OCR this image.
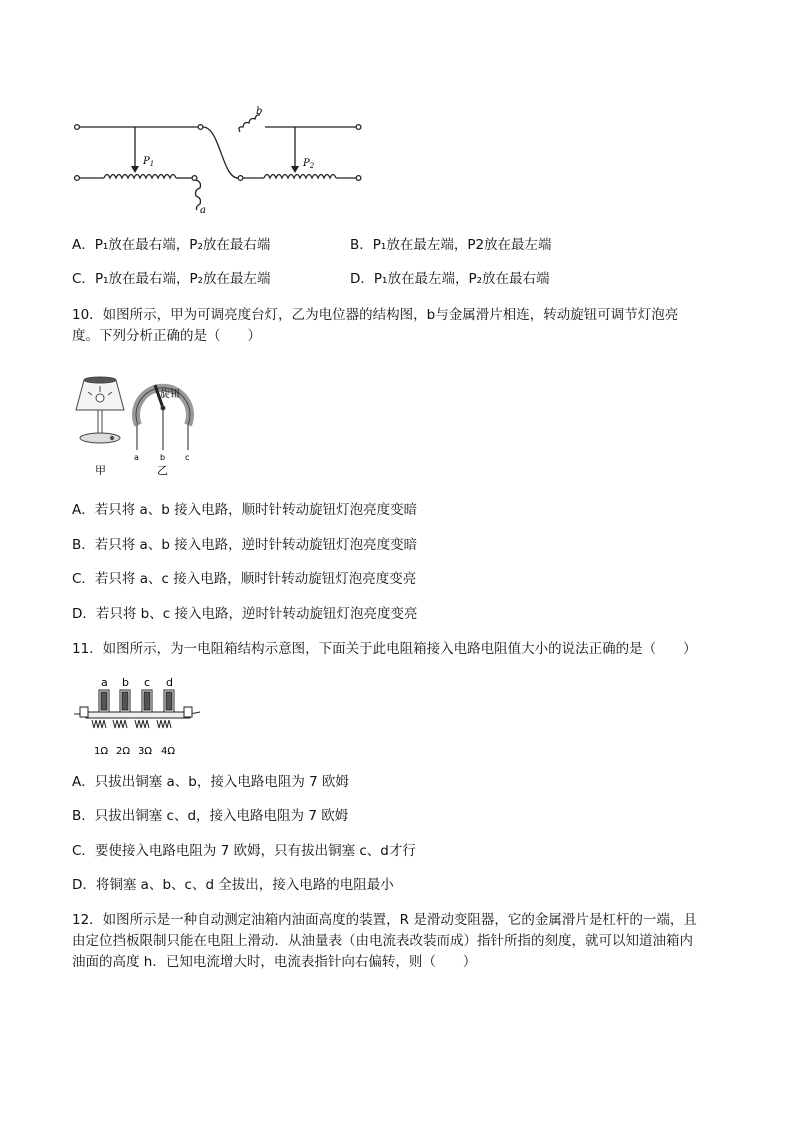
$P_1$	$P_2$
a
b
A．P₁放在最右端，P₂放在最右端	B．P₁放在最左端，P2放在最左端
C．P₁放在最右端，P₂放在最左端	D．P₁放在最左端，P₂放在最右端
10．如图所示，甲为可调亮度台灯，乙为电位器的结构图，b与金属滑片相连，转动旋钮可调节灯泡亮
度。下列分析正确的是（　　）
旋钮
a	b c
甲	乙
A．若只将 a、b 接入电路，顺时针转动旋钮灯泡亮度变暗
B．若只将 a、b 接入电路，逆时针转动旋钮灯泡亮度变暗
C．若只将 a、c 接入电路，顺时针转动旋钮灯泡亮度变亮
D．若只将 b、c 接入电路，逆时针转动旋钮灯泡亮度变亮
11．如图所示，为一电阻箱结构示意图，下面关于此电阻箱接入电路电阻值大小的说法正确的是（　　）
a b c d
1Ω 2Ω 3Ω 4Ω
A．只拔出铜塞 a、b，接入电路电阻为 7 欧姆
B．只拔出铜塞 c、d，接入电路电阻为 7 欧姆
C．要使接入电路电阻为 7 欧姆，只有拔出铜塞 c、d才行
D．将铜塞 a、b、c、d 全拔出，接入电路的电阻最小
12．如图所示是一种自动测定油箱内油面高度的装置，R 是滑动变阻器，它的金属滑片是杠杆的一端，且
由定位挡板限制只能在电阻上滑动．从油量表（由电流表改装而成）指针所指的刻度，就可以知道油箱内
油面的高度 h．已知电流增大时，电流表指针向右偏转，则（　　）
